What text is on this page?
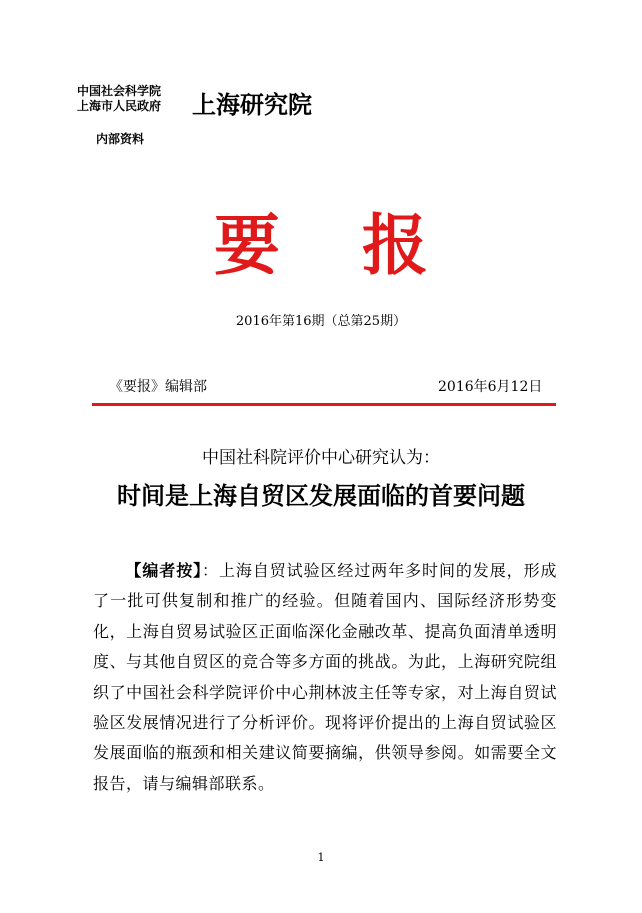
中国社会科学院
上海市人民政府	上海研究院
内部资料
要报
2016年第16期（总第25期）
《要报》编辑部	2016年6月12日
中国社科院评价中心研究认为：
时间是上海自贸区发展面临的首要问题
【编者按】：上海自贸试验区经过两年多时间的发展，形成了一批可供复制和推广的经验。但随着国内、国际经济形势变化，上海自贸易试验区正面临深化金融改革、提高负面清单透明度、与其他自贸区的竞合等多方面的挑战。为此，上海研究院组织了中国社会科学院评价中心荆林波主任等专家，对上海自贸试验区发展情况进行了分析评价。现将评价提出的上海自贸试验区发展面临的瓶颈和相关建议简要摘编，供领导参阅。如需要全文报告，请与编辑部联系。
1
